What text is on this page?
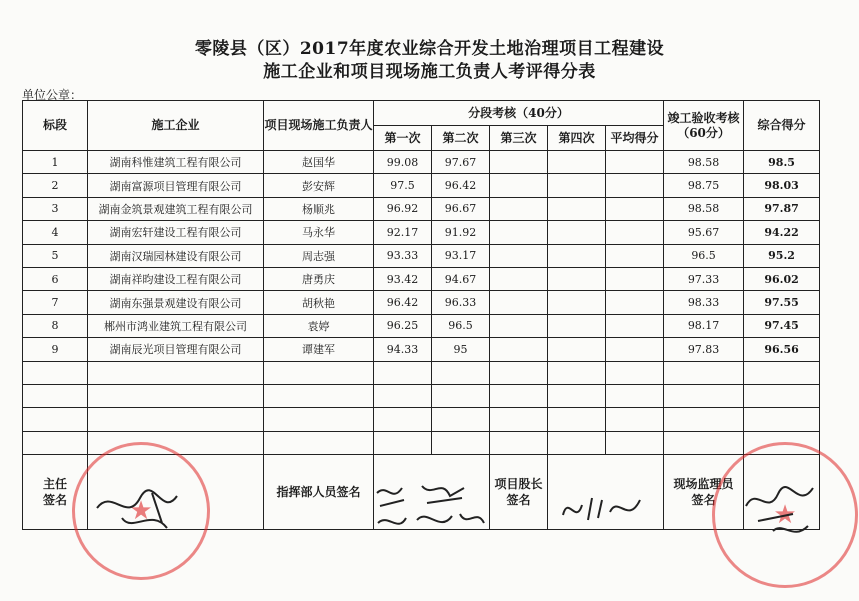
零陵县（区）2017年度农业综合开发土地治理项目工程建设
施工企业和项目现场施工负责人考评得分表
单位公章：
标段	施工企业	项目现场施工负责人	分段考核（40分）					竣工验收考核 （60分）	综合得分
			第一次	第二次	第三次	第四次	平均得分		
1	湖南科惟建筑工程有限公司	赵国华	99.08	97.67				98.58	98.5
2	湖南富源项目管理有限公司	彭安辉	97.5	96.42				98.75	98.03
3	湖南金筑景观建筑工程有限公司	杨顺兆	96.92	96.67				98.58	97.87
4	湖南宏轩建设工程有限公司	马永华	92.17	91.92				95.67	94.22
5	湖南汉瑞园林建设有限公司	周志强	93.33	93.17				96.5	95.2
6	湖南祥昀建设工程有限公司	唐勇庆	93.42	94.67				97.33	96.02
7	湖南东强景观建设有限公司	胡秋艳	96.42	96.33				98.33	97.55
8	郴州市鸿业建筑工程有限公司	袁婷	96.25	96.5				98.17	97.45
9	湖南辰光项目管理有限公司	谭建军	94.33	95				97.83	96.56

主任签名		指挥部人员签名			项目股长签名			现场监理员签名	

★	★
